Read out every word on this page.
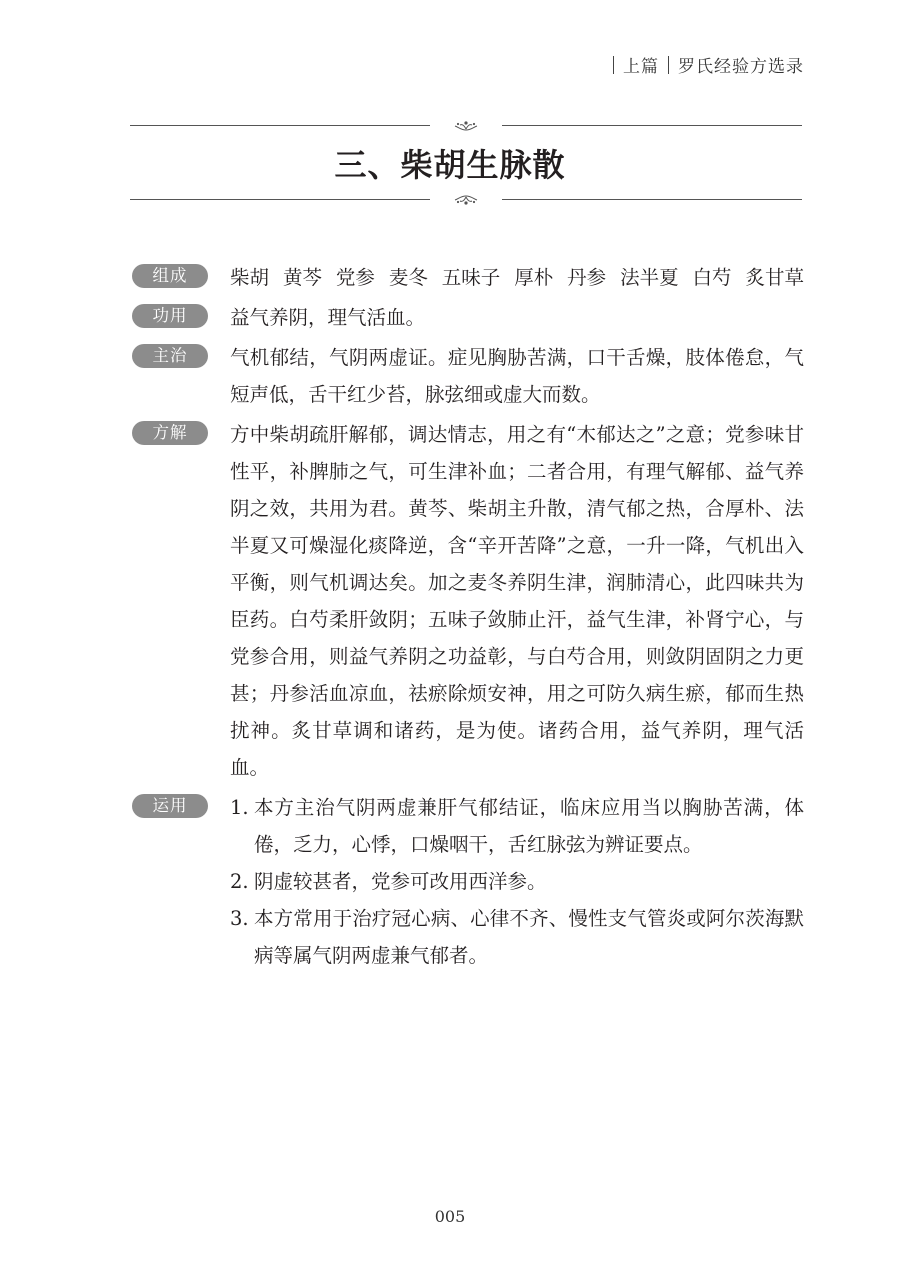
上篇 罗氏经验方选录
三、柴胡生脉散
组成	柴胡 黄芩 党参 麦冬 五味子 厚朴 丹参 法半夏 白芍 炙甘草
功用	益气养阴，理气活血。
主治	气机郁结，气阴两虚证。症见胸胁苦满，口干舌燥，肢体倦怠，气短声低，舌干红少苔，脉弦细或虚大而数。
方解	方中柴胡疏肝解郁，调达情志，用之有“木郁达之”之意；党参味甘性平，补脾肺之气，可生津补血；二者合用，有理气解郁、益气养阴之效，共用为君。黄芩、柴胡主升散，清气郁之热，合厚朴、法半夏又可燥湿化痰降逆，含“辛开苦降”之意，一升一降，气机出入平衡，则气机调达矣。加之麦冬养阴生津，润肺清心，此四味共为臣药。白芍柔肝敛阴；五味子敛肺止汗，益气生津，补肾宁心，与党参合用，则益气养阴之功益彰，与白芍合用，则敛阴固阴之力更甚；丹参活血凉血，祛瘀除烦安神，用之可防久病生瘀，郁而生热扰神。炙甘草调和诸药，是为使。诸药合用，益气养阴，理气活血。
运用	1. 本方主治气阴两虚兼肝气郁结证，临床应用当以胸胁苦满，体倦，乏力，心悸，口燥咽干，舌红脉弦为辨证要点。
2. 阴虚较甚者，党参可改用西洋参。
3. 本方常用于治疗冠心病、心律不齐、慢性支气管炎或阿尔茨海默病等属气阴两虚兼气郁者。
005
